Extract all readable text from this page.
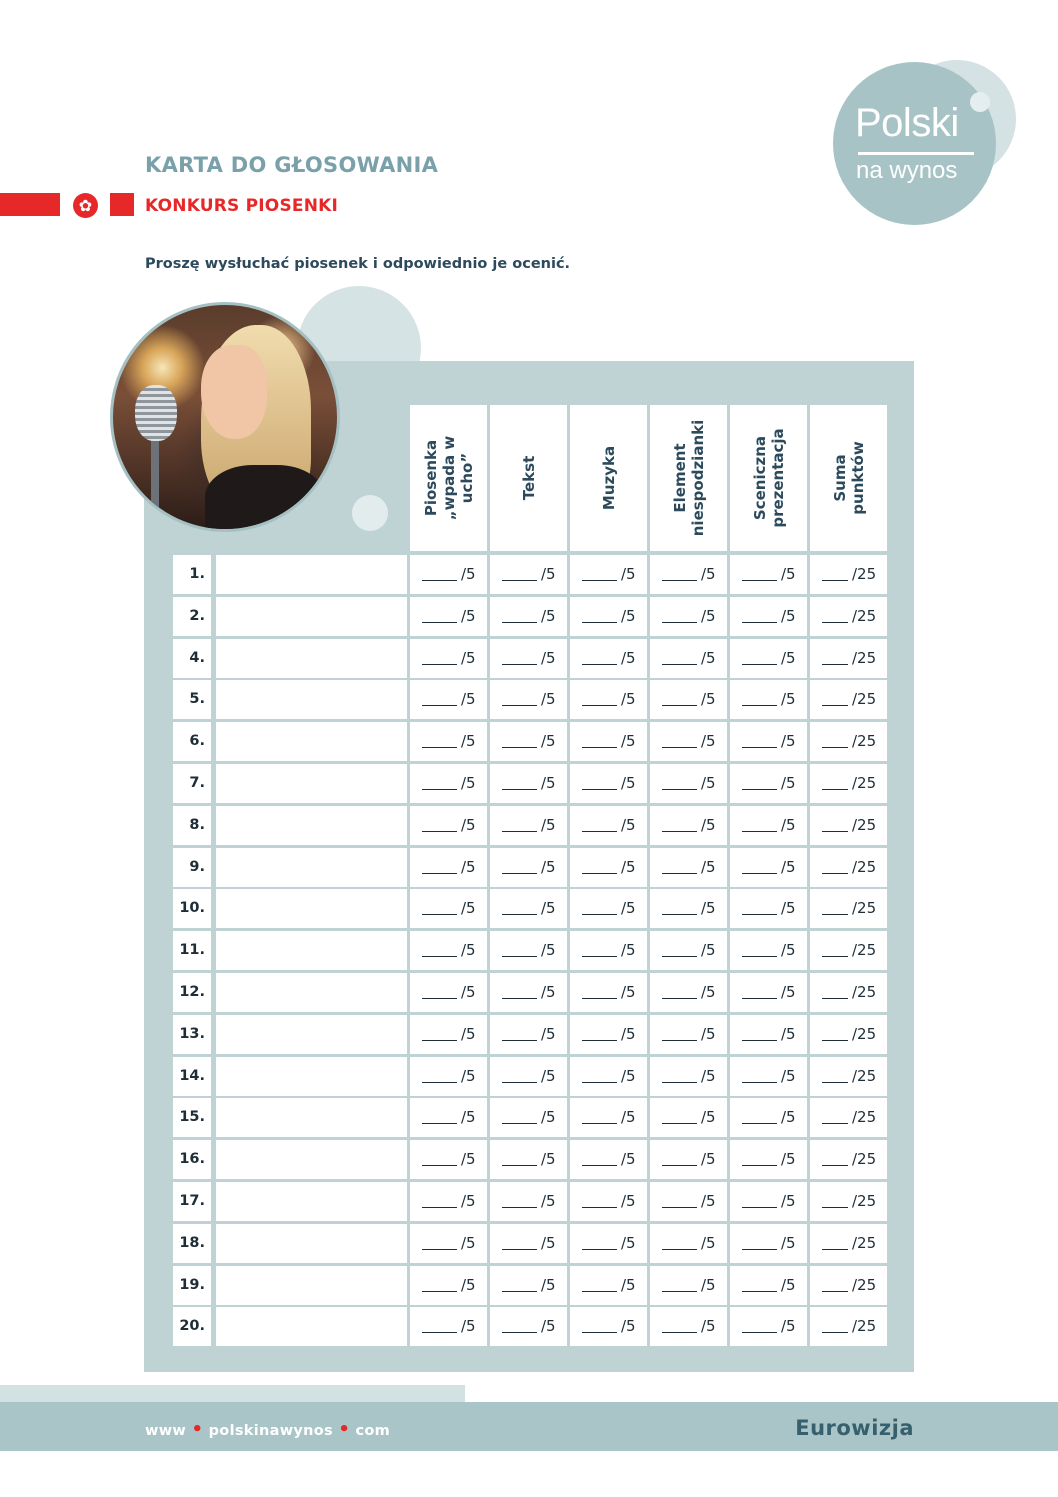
Polski
na wynos
KARTA DO GŁOSOWANIA
✿	KONKURS PIOSENKI
Proszę wysłuchać piosenek i odpowiednio je ocenić.
Piosenka „wpada w ucho”	Tekst	Muzyka	Element niespodzianki	Sceniczna prezentacja	Suma punktów
1.	/5	/5	/5	/5	/5	/25
2.	/5	/5	/5	/5	/5	/25
4.	/5	/5	/5	/5	/5	/25
5.	/5	/5	/5	/5	/5	/25
6.	/5	/5	/5	/5	/5	/25
7.	/5	/5	/5	/5	/5	/25
8.	/5	/5	/5	/5	/5	/25
9.	/5	/5	/5	/5	/5	/25
10.	/5	/5	/5	/5	/5	/25
11.	/5	/5	/5	/5	/5	/25
12.	/5	/5	/5	/5	/5	/25
13.	/5	/5	/5	/5	/5	/25
14.	/5	/5	/5	/5	/5	/25
15.	/5	/5	/5	/5	/5	/25
16.	/5	/5	/5	/5	/5	/25
17.	/5	/5	/5	/5	/5	/25
18.	/5	/5	/5	/5	/5	/25
19.	/5	/5	/5	/5	/5	/25
20.	/5	/5	/5	/5	/5	/25
www • polskinawynos • com	Eurowizja
